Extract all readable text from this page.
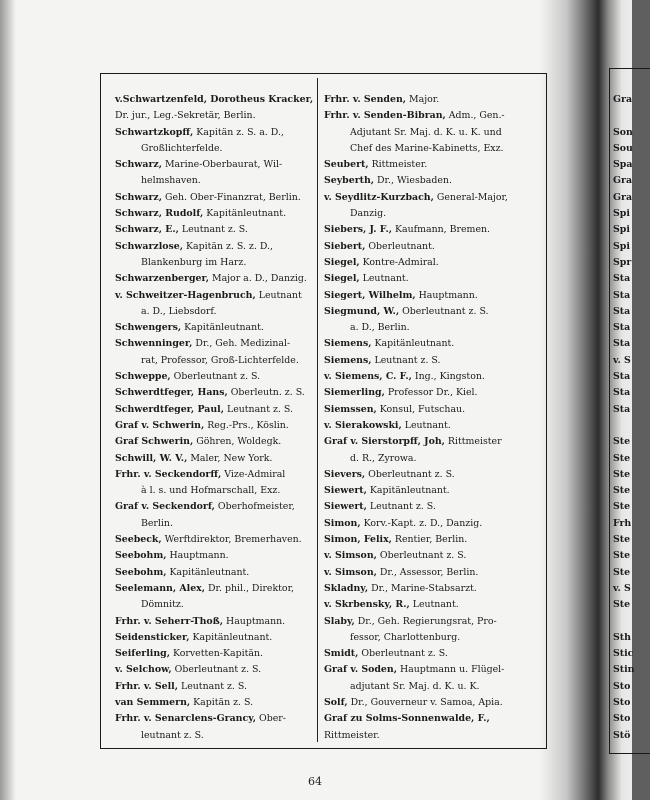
v.Schwartzenfeld, Dorotheus Kracker, Dr. jur., Leg.-Sekretär, Berlin.
Schwartzkopff, Kapitän z. S. a. D.,
Großlichterfelde.
Schwarz, Marine-Oberbaurat, Wil-
helmshaven.
Schwarz, Geh. Ober-Finanzrat, Berlin.
Schwarz, Rudolf, Kapitänleutnant.
Schwarz, E., Leutnant z. S.
Schwarzlose, Kapitän z. S. z. D.,
Blankenburg im Harz.
Schwarzenberger, Major a. D., Danzig.
v. Schweitzer-Hagenbruch, Leutnant
a. D., Liebsdorf.
Schwengers, Kapitänleutnant.
Schwenninger, Dr., Geh. Medizinal-
rat, Professor, Groß-Lichterfelde.
Schweppe, Oberleutnant z. S.
Schwerdtfeger, Hans, Oberleutn. z. S.
Schwerdtfeger, Paul, Leutnant z. S.
Graf v. Schwerin, Reg.-Prs., Köslin.
Graf Schwerin, Göhren, Woldegk.
Schwill, W. V., Maler, New York.
Frhr. v. Seckendorff, Vize-Admiral
à l. s. und Hofmarschall, Exz.
Graf v. Seckendorf, Oberhofmeister,
Berlin.
Seebeck, Werftdirektor, Bremerhaven.
Seebohm, Hauptmann.
Seebohm, Kapitänleutnant.
Seelemann, Alex, Dr. phil., Direktor,
Dömnitz.
Frhr. v. Seherr-Thoß, Hauptmann.
Seidensticker, Kapitänleutnant.
Seiferling, Korvetten-Kapitän.
v. Selchow, Oberleutnant z. S.
Frhr. v. Sell, Leutnant z. S.
van Semmern, Kapitän z. S.
Frhr. v. Senarclens-Grancy, Ober-
leutnant z. S.
Frhr. v. Senden, Major.
Frhr. v. Senden-Bibran, Adm., Gen.-
Adjutant Sr. Maj. d. K. u. K. und
Chef des Marine-Kabinetts, Exz.
Seubert, Rittmeister.
Seyberth, Dr., Wiesbaden.
v. Seydlitz-Kurzbach, General-Major,
Danzig.
Siebers, J. F., Kaufmann, Bremen.
Siebert, Oberleutnant.
Siegel, Kontre-Admiral.
Siegel, Leutnant.
Siegert, Wilhelm, Hauptmann.
Siegmund, W., Oberleutnant z. S.
a. D., Berlin.
Siemens, Kapitänleutnant.
Siemens, Leutnant z. S.
v. Siemens, C. F., Ing., Kingston.
Siemerling, Professor Dr., Kiel.
Siemssen, Konsul, Futschau.
v. Sierakowski, Leutnant.
Graf v. Sierstorpff, Joh, Rittmeister
d. R., Zyrowa.
Sievers, Oberleutnant z. S.
Siewert, Kapitänleutnant.
Siewert, Leutnant z. S.
Simon, Korv.-Kapt. z. D., Danzig.
Simon, Felix, Rentier, Berlin.
v. Simson, Oberleutnant z. S.
v. Simson, Dr., Assessor, Berlin.
Skladny, Dr., Marine-Stabsarzt.
v. Skrbensky, R., Leutnant.
Slaby, Dr., Geh. Regierungsrat, Pro-
fessor, Charlottenburg.
Smidt, Oberleutnant z. S.
Graf v. Soden, Hauptmann u. Flügel-
adjutant Sr. Maj. d. K. u. K.
Solf, Dr., Gouverneur v. Samoa, Apia.
Graf zu Solms-Sonnenwalde, F., Rittmeister.
Gra

Son
Sou
Spa
Gra
Gra
Spi
Spi
Spi
Spr
Sta
Sta
Sta
Sta
Sta
v. S
Sta
Sta
Sta

Ste
Ste
Ste
Ste
Ste
Frh
Ste
Ste
Ste
v. S
Ste

Sth
Stic
Stin
Sto
Sto
Sto
Stö
64
